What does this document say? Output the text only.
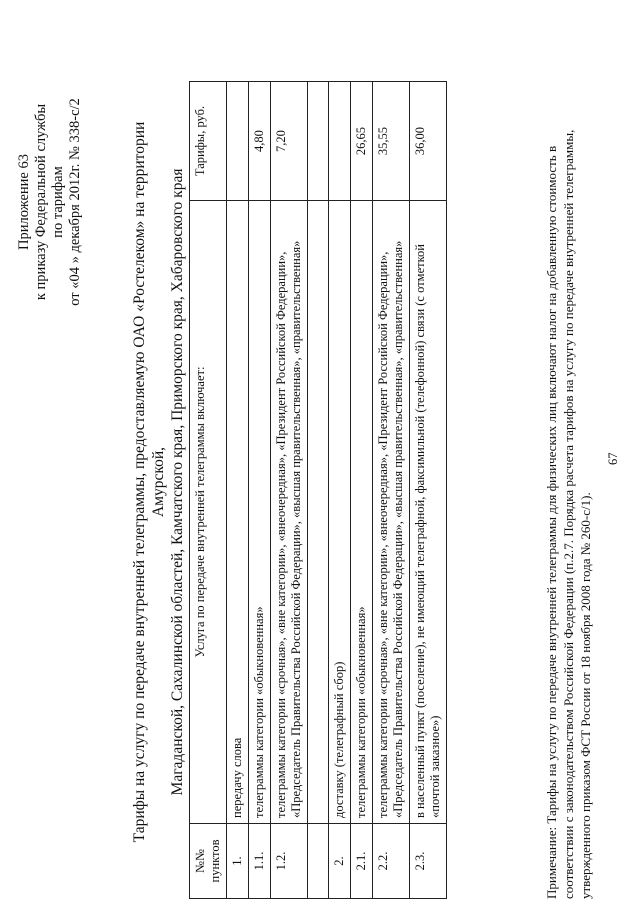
Приложение 63 к приказу Федеральной службы по тарифам от «04 » декабря 2012г. № 338-с/2	Тарифы на услугу по передаче внутренней телеграммы, предоставляемую ОАО «Ростелеком» на территории Амурской, Магаданской, Сахалинской областей, Камчатского края, Приморского края, Хабаровского края
№№ пунктов	Услуга по передаче внутренней телеграммы включает:	Тарифы, руб.
1.	передачу слова	
1.1.	телеграммы категории «обыкновенная»	4,80
1.2.	телеграммы категории «срочная», «вне категории», «внеочередная», «Президент Российской Федерации», «Председатель Правительства Российской Федерации», «высшая правительственная», «правительственная»	7,20

2.	доставку (телеграфный сбор)	
2.1.	телеграммы категории «обыкновенная»	26,65
2.2.	телеграммы категории «срочная», «вне категории», «внеочередная», «Президент Российской Федерации», «Председатель Правительства Российской Федерации», «высшая правительственная», «правительственная»	35,55
2.3.	в населенный пункт (поселение), не имеющий телеграфной, факсимильной (телефонной) связи (с отметкой «почтой заказное»)	36,00
Примечание: Тарифы на услугу по передаче внутренней телеграммы для физических лиц включают налог на добавленную стоимость в соответствии с законодательством Российской Федерации (п.2.7. Порядка расчета тарифов на услугу по передаче внутренней телеграммы, утвержденного приказом ФСТ России от 18 ноября 2008 года № 260-с/1).
67
